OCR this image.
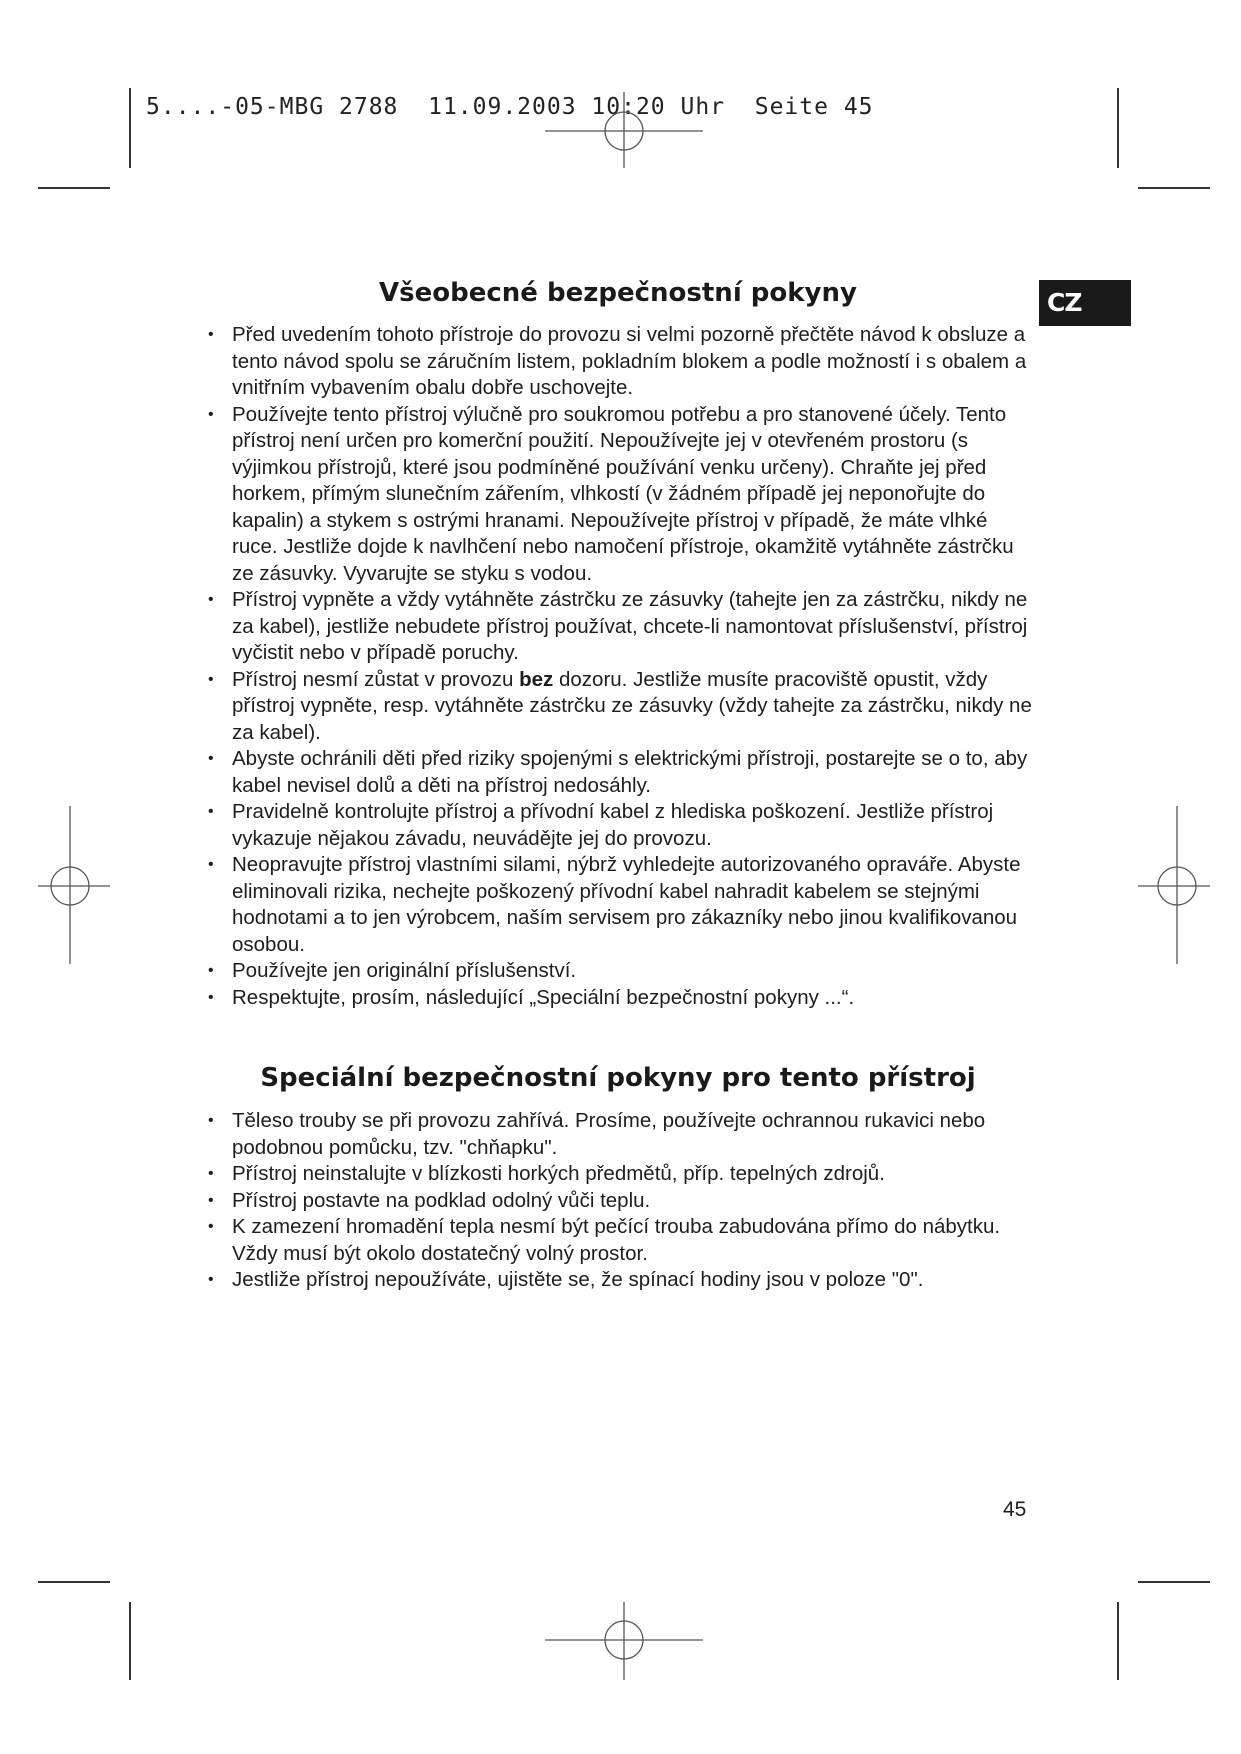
5....-05-MBG 2788  11.09.2003 10:20 Uhr  Seite 45
CZ
Všeobecné bezpečnostní pokyny
• Před uvedením tohoto přístroje do provozu si velmi pozorně přečtěte návod k obsluze a tento návod spolu se záručním listem, pokladním blokem a podle možností i s obalem a vnitřním vybavením obalu dobře uschovejte.
• Používejte tento přístroj výlučně pro soukromou potřebu a pro stanovené účely. Tento přístroj není určen pro komerční použití. Nepoužívejte jej v otevřeném prostoru (s výjimkou přístrojů, které jsou podmíněné používání venku určeny). Chraňte jej před horkem, přímým slunečním zářením, vlhkostí (v žádném případě jej neponořujte do kapalin) a stykem s ostrými hranami. Nepoužívejte přístroj v případě, že máte vlhké ruce. Jestliže dojde k navlhčení nebo namočení přístroje, okamžitě vytáhněte zástrčku ze zásuvky. Vyvarujte se styku s vodou.
• Přístroj vypněte a vždy vytáhněte zástrčku ze zásuvky (tahejte jen za zástrčku, nikdy ne za kabel), jestliže nebudete přístroj používat, chcete-li namontovat příslušenství, přístroj vyčistit nebo v případě poruchy.
• Přístroj nesmí zůstat v provozu bez dozoru. Jestliže musíte pracoviště opustit, vždy přístroj vypněte, resp. vytáhněte zástrčku ze zásuvky (vždy tahejte za zástrčku, nikdy ne za kabel).
• Abyste ochránili děti před riziky spojenými s elektrickými přístroji, postarejte se o to, aby kabel nevisel dolů a děti na přístroj nedosáhly.
• Pravidelně kontrolujte přístroj a přívodní kabel z hlediska poškození. Jestliže přístroj vykazuje nějakou závadu, neuvádějte jej do provozu.
• Neopravujte přístroj vlastními silami, nýbrž vyhledejte autorizovaného opraváře. Abyste eliminovali rizika, nechejte poškozený přívodní kabel nahradit kabelem se stejnými hodnotami a to jen výrobcem, naším servisem pro zákazníky nebo jinou kvalifikovanou osobou.
• Používejte jen originální příslušenství.
• Respektujte, prosím, následující „Speciální bezpečnostní pokyny ...“.
Speciální bezpečnostní pokyny pro tento přístroj
• Těleso trouby se při provozu zahřívá. Prosíme, používejte ochrannou rukavici nebo podobnou pomůcku, tzv. "chňapku".
• Přístroj neinstalujte v blízkosti horkých předmětů, příp. tepelných zdrojů.
• Přístroj postavte na podklad odolný vůči teplu.
• K zamezení hromadění tepla nesmí být pečící trouba zabudována přímo do nábytku. Vždy musí být okolo dostatečný volný prostor.
• Jestliže přístroj nepoužíváte, ujistěte se, že spínací hodiny jsou v poloze "0".
45
